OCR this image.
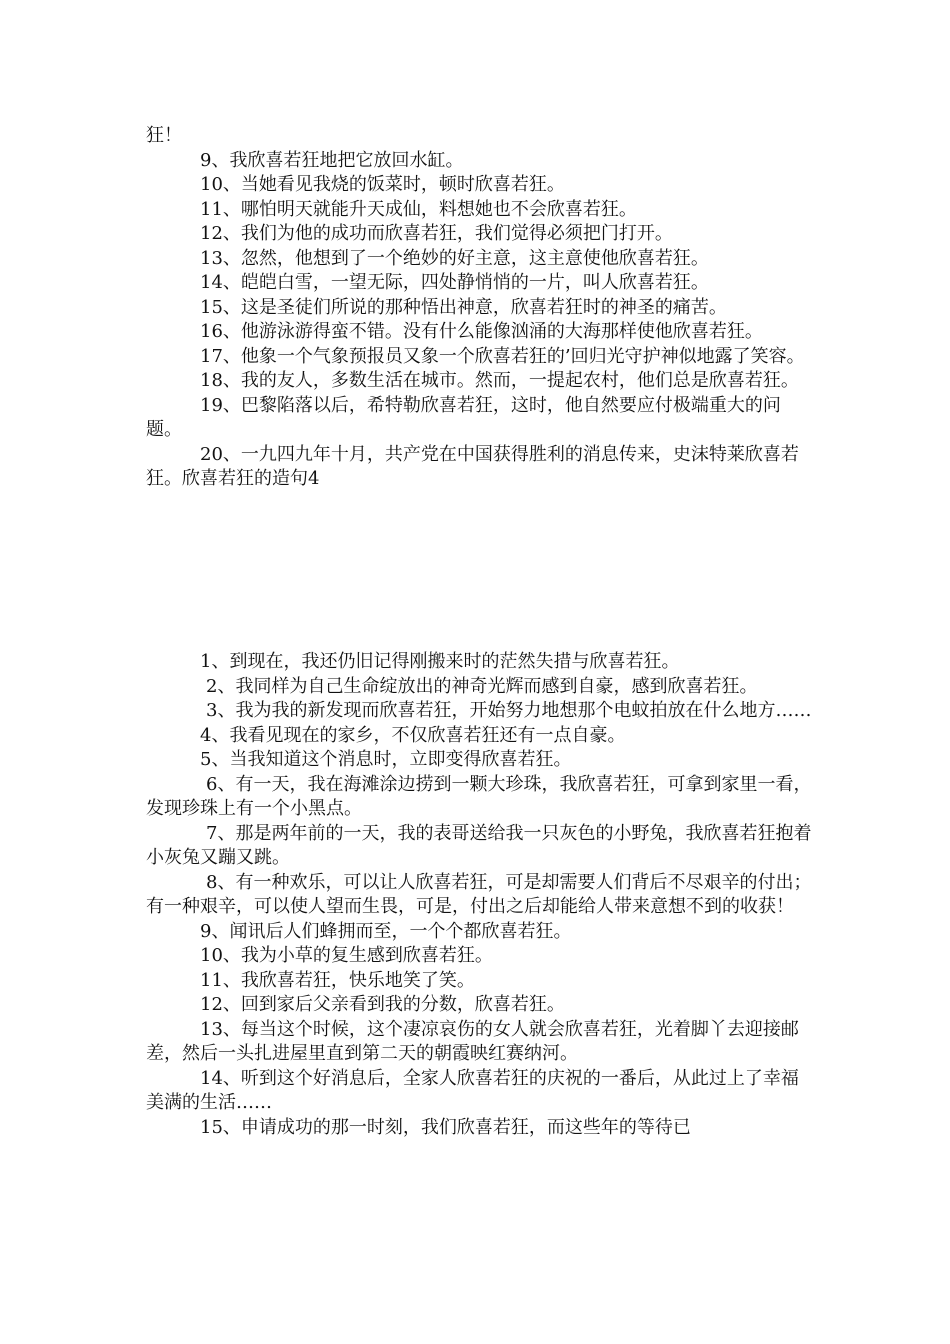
狂！

9、我欣喜若狂地把它放回水缸。

10、当她看见我烧的饭菜时，顿时欣喜若狂。

11、哪怕明天就能升天成仙，料想她也不会欣喜若狂。

12、我们为他的成功而欣喜若狂，我们觉得必须把门打开。

13、忽然，他想到了一个绝妙的好主意，这主意使他欣喜若狂。

14、皑皑白雪，一望无际，四处静悄悄的一片，叫人欣喜若狂。

15、这是圣徒们所说的那种悟出神意，欣喜若狂时的神圣的痛苦。

16、他游泳游得蛮不错。没有什么能像汹涌的大海那样使他欣喜若狂。

17、他象一个气象预报员又象一个欣喜若狂的’回归光守护神似地露了笑容。

18、我的友人，多数生活在城市。然而，一提起农村，他们总是欣喜若狂。

19、巴黎陷落以后，希特勒欣喜若狂，这时，他自然要应付极端重大的问题。

20、一九四九年十月，共产党在中国获得胜利的消息传来，史沫特莱欣喜若狂。欣喜若狂的造句4

1、到现在，我还仍旧记得刚搬来时的茫然失措与欣喜若狂。

2、我同样为自己生命绽放出的神奇光辉而感到自豪，感到欣喜若狂。

3、我为我的新发现而欣喜若狂，开始努力地想那个电蚊拍放在什么地方……

4、我看见现在的家乡，不仅欣喜若狂还有一点自豪。

5、当我知道这个消息时，立即变得欣喜若狂。

6、有一天，我在海滩涂边捞到一颗大珍珠，我欣喜若狂，可拿到家里一看，发现珍珠上有一个小黑点。

7、那是两年前的一天，我的表哥送给我一只灰色的小野兔，我欣喜若狂抱着小灰兔又蹦又跳。

8、有一种欢乐，可以让人欣喜若狂，可是却需要人们背后不尽艰辛的付出；有一种艰辛，可以使人望而生畏，可是，付出之后却能给人带来意想不到的收获！

9、闻讯后人们蜂拥而至，一个个都欣喜若狂。

10、我为小草的复生感到欣喜若狂。

11、我欣喜若狂，快乐地笑了笑。

12、回到家后父亲看到我的分数，欣喜若狂。

13、每当这个时候，这个凄凉哀伤的女人就会欣喜若狂，光着脚丫去迎接邮差，然后一头扎进屋里直到第二天的朝霞映红赛纳河。

14、听到这个好消息后，全家人欣喜若狂的庆祝的一番后，从此过上了幸福美满的生活……

15、申请成功的那一时刻，我们欣喜若狂，而这些年的等待已
